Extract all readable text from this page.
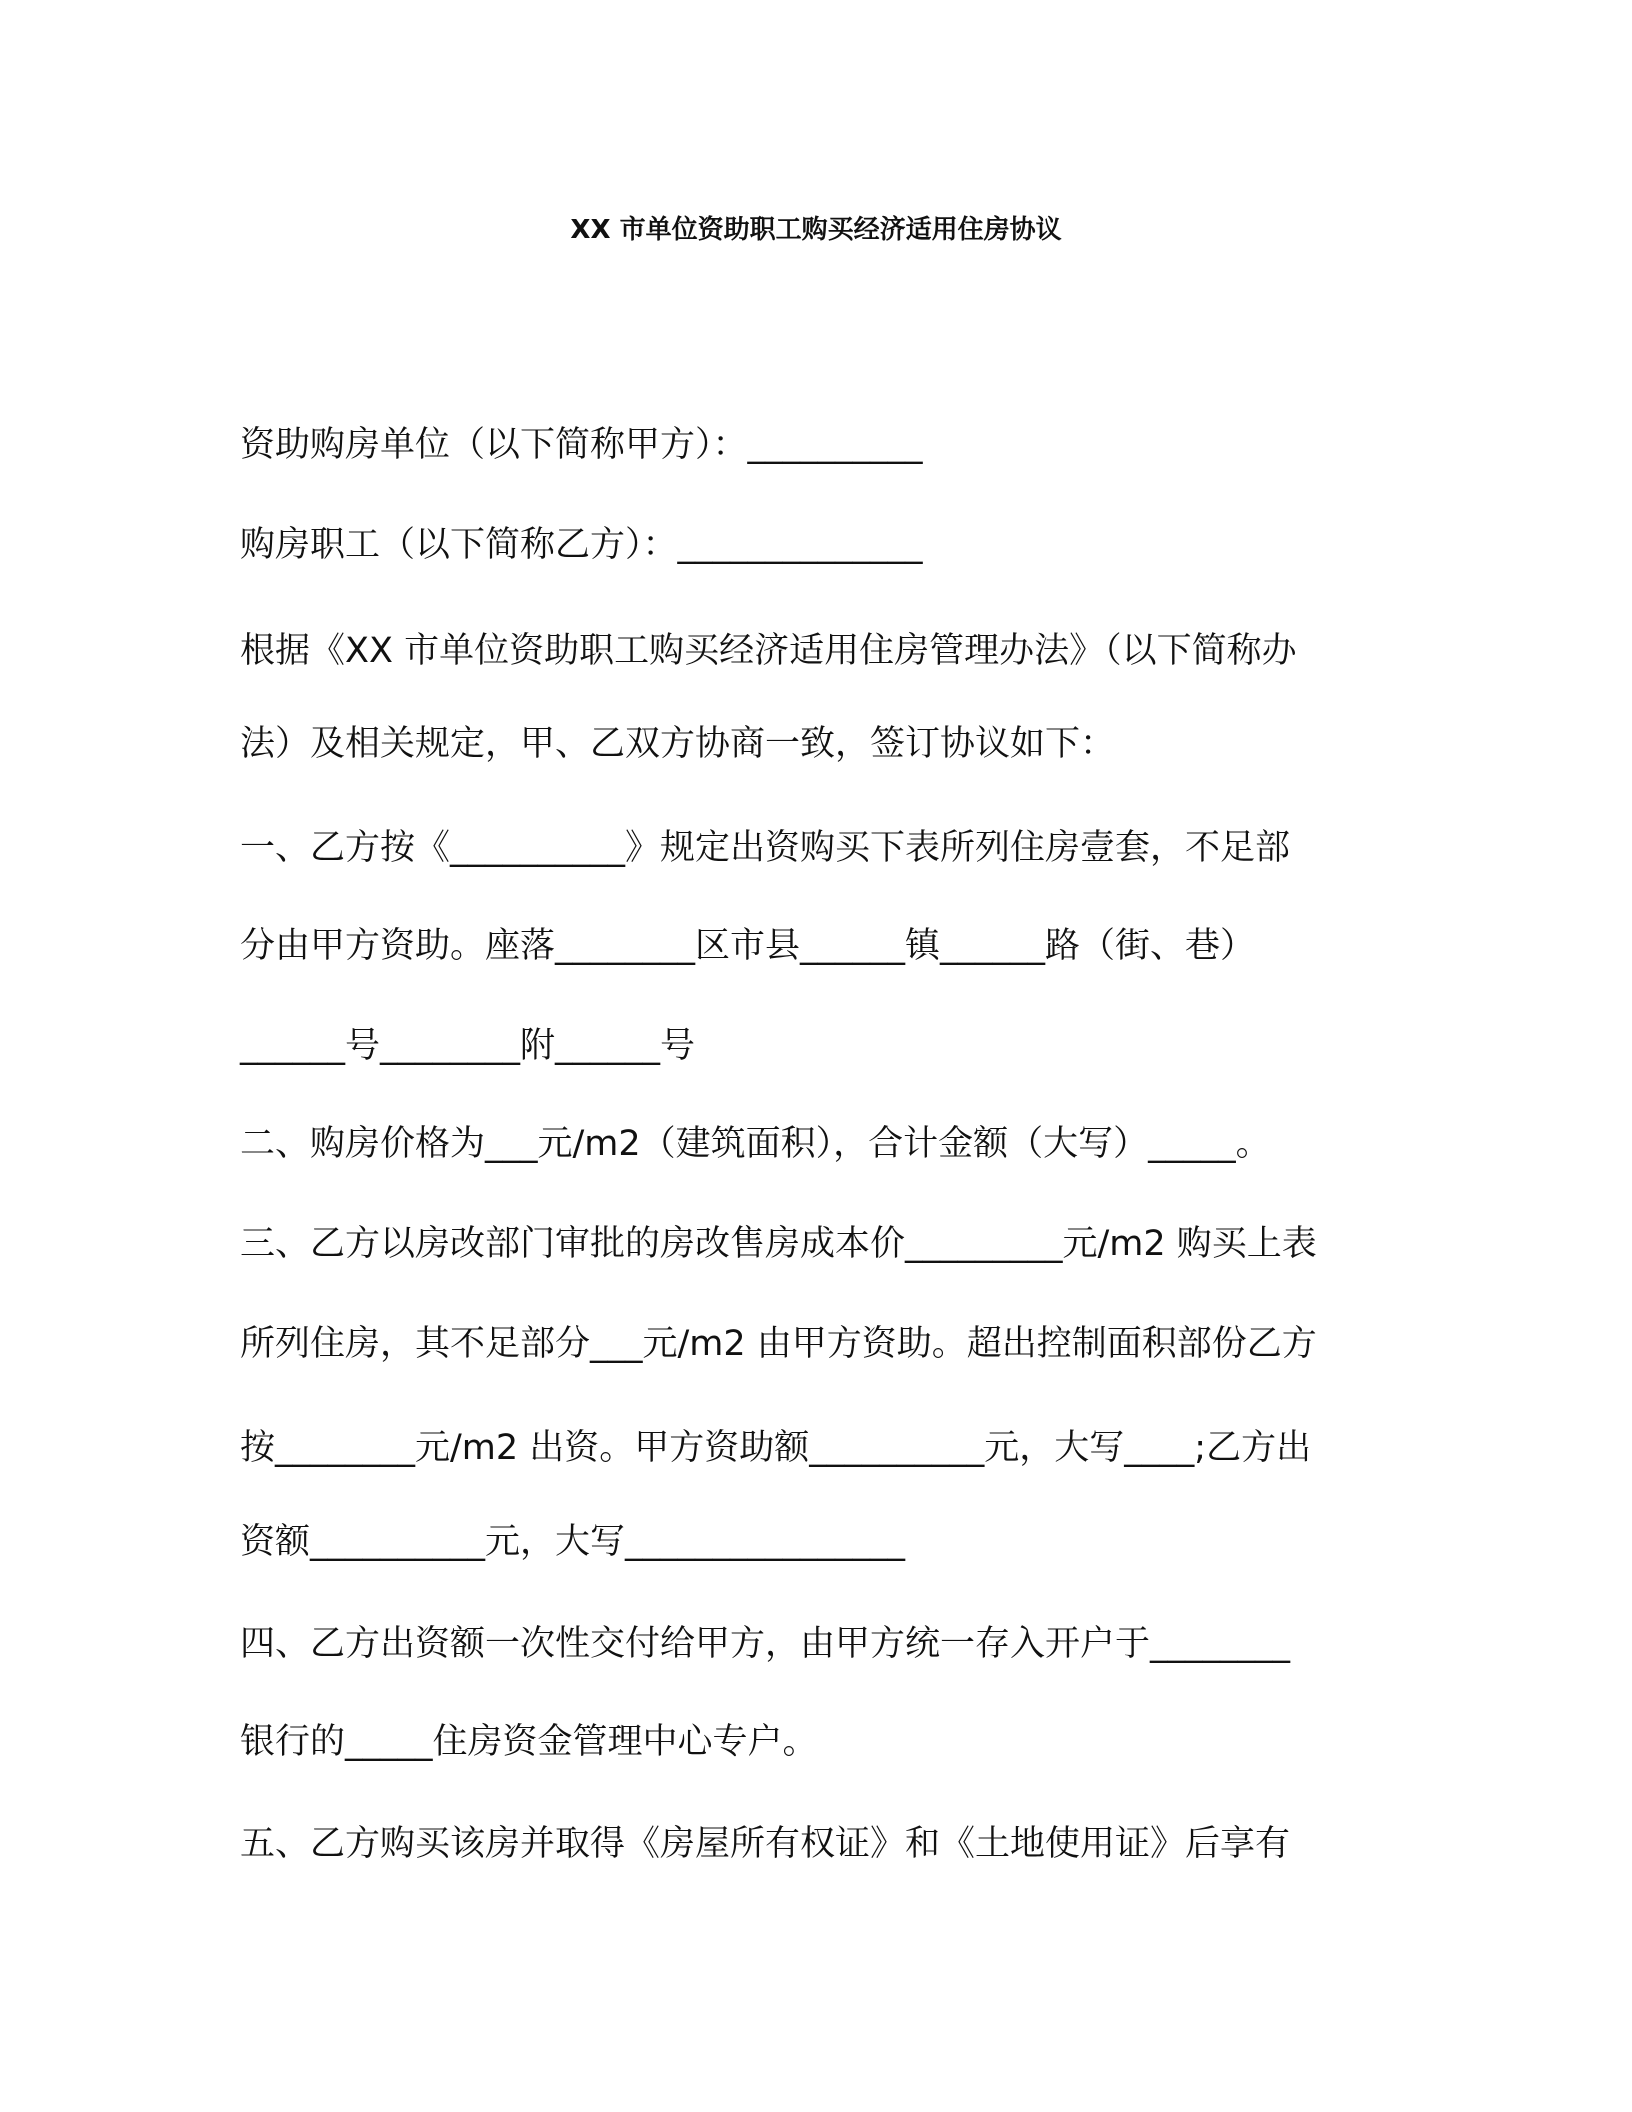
XX 市单位资助职工购买经济适用住房协议
资助购房单位（以下简称甲方）：__________
购房职工（以下简称乙方）：______________
根据《XX 市单位资助职工购买经济适用住房管理办法》（以下简称办
法）及相关规定，甲、乙双方协商一致，签订协议如下：
一、乙方按《__________》规定出资购买下表所列住房壹套，不足部
分由甲方资助。座落________区市县______镇______路（街、巷）
______号________附______号
二、购房价格为___元/m2（建筑面积），合计金额（大写）_____。
三、乙方以房改部门审批的房改售房成本价_________元/m2 购买上表
所列住房，其不足部分___元/m2 由甲方资助。超出控制面积部份乙方
按________元/m2 出资。甲方资助额__________元，大写____;乙方出
资额__________元，大写________________
四、乙方出资额一次性交付给甲方，由甲方统一存入开户于________
银行的_____住房资金管理中心专户。
五、乙方购买该房并取得《房屋所有权证》和《土地使用证》后享有
